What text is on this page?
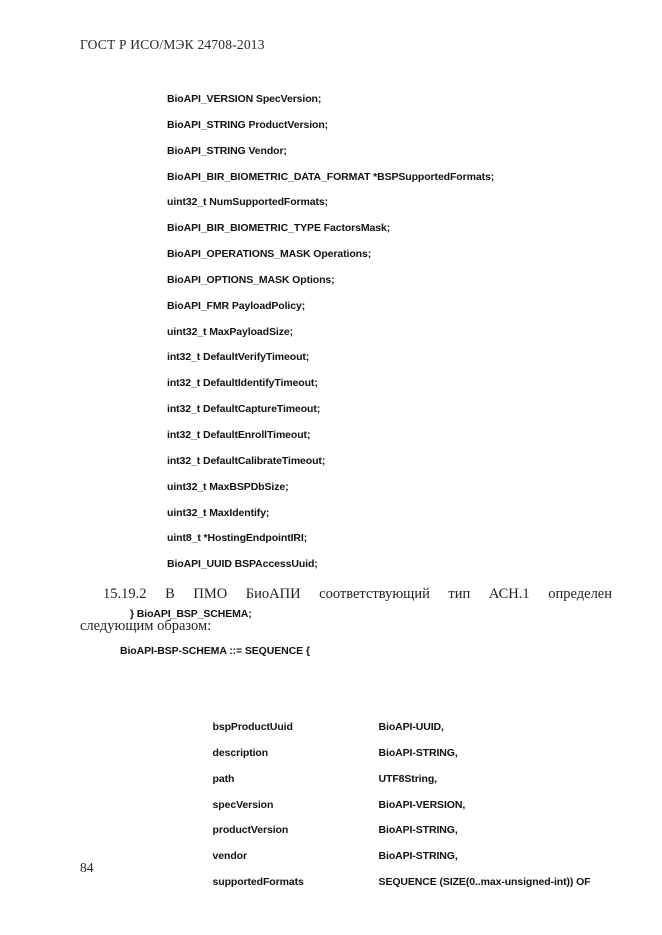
ГОСТ Р ИСО/МЭК 24708-2013

BioAPI_VERSION SpecVersion;
BioAPI_STRING ProductVersion;
BioAPI_STRING Vendor;
BioAPI_BIR_BIOMETRIC_DATA_FORMAT *BSPSupportedFormats;
uint32_t NumSupportedFormats;
BioAPI_BIR_BIOMETRIC_TYPE FactorsMask;
BioAPI_OPERATIONS_MASK Operations;
BioAPI_OPTIONS_MASK Options;
BioAPI_FMR PayloadPolicy;
uint32_t MaxPayloadSize;
int32_t DefaultVerifyTimeout;
int32_t DefaultIdentifyTimeout;
int32_t DefaultCaptureTimeout;
int32_t DefaultEnrollTimeout;
int32_t DefaultCalibrateTimeout;
uint32_t MaxBSPDbSize;
uint32_t MaxIdentify;
uint8_t *HostingEndpointIRI;
BioAPI_UUID BSPAccessUuid;

} BioAPI_BSP_SCHEMA;

15.19.2 В ПМО БиоАПИ соответствующий тип АСН.1 определен
следующим образом:
BioAPI-BSP-SCHEMA ::= SEQUENCE {

bspProductUuid	BioAPI-UUID,

description	BioAPI-STRING,

path	UTF8String,

specVersion	BioAPI-VERSION,

productVersion	BioAPI-STRING,

vendor	BioAPI-STRING,

supportedFormats	SEQUENCE (SIZE(0..max-unsigned-int)) OF

84
